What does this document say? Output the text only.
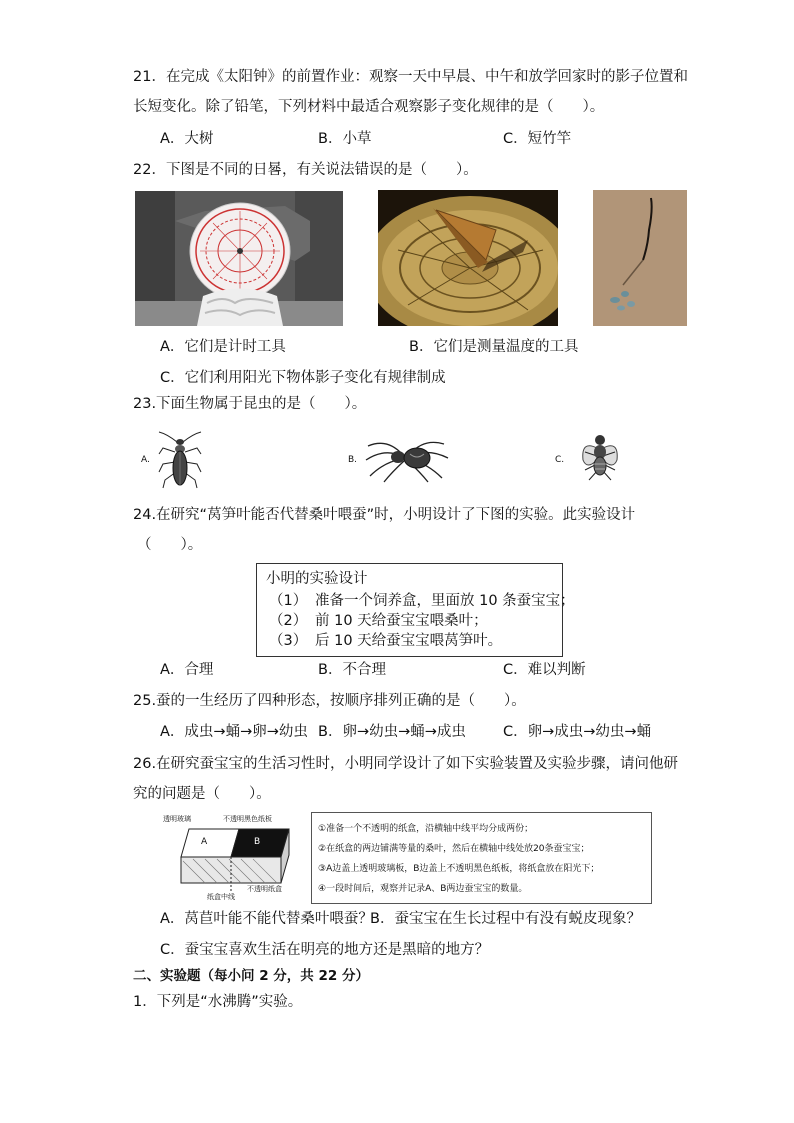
21．在完成《太阳钟》的前置作业：观察一天中早晨、中午和放学回家时的影子位置和
长短变化。除了铅笔，下列材料中最适合观察影子变化规律的是（　　）。
A．大树	B．小草	C．短竹竿
22．下图是不同的日晷，有关说法错误的是（　　）。
A．它们是计时工具	B．它们是测量温度的工具
C．它们利用阳光下物体影子变化有规律制成
23.下面生物属于昆虫的是（　　）。
A.	B.	C.
24.在研究“莴笋叶能否代替桑叶喂蚕”时，小明设计了下图的实验。此实验设计
（　　）。
小明的实验设计
（1） 准备一个饲养盒，里面放 10 条蚕宝宝；
（2） 前 10 天给蚕宝宝喂桑叶；
（3） 后 10 天给蚕宝宝喂莴笋叶。
A．合理	B．不合理	C．难以判断
25.蚕的一生经历了四种形态，按顺序排列正确的是（　　）。
A．成虫→蛹→卵→幼虫 B．卵→幼虫→蛹→成虫	C．卵→成虫→幼虫→蛹
26.在研究蚕宝宝的生活习性时，小明同学设计了如下实验装置及实验步骤，请问他研
究的问题是（　　）。
透明玻璃	不透明黑色纸板
A	B
不透明纸盒
纸盒中线
①准备一个不透明的纸盒，沿横轴中线平均分成两份；
②在纸盒的两边铺满等量的桑叶，然后在横轴中线处放20条蚕宝宝；
③A边盖上透明玻璃板，B边盖上不透明黑色纸板，将纸盒放在阳光下；
④一段时间后，观察并记录A、B两边蚕宝宝的数量。
A．莴苣叶能不能代替桑叶喂蚕？
B．蚕宝宝在生长过程中有没有蜕皮现象？
C．蚕宝宝喜欢生活在明亮的地方还是黑暗的地方？
二、实验题（每小问 2 分，共 22 分）
1．下列是“水沸腾”实验。
